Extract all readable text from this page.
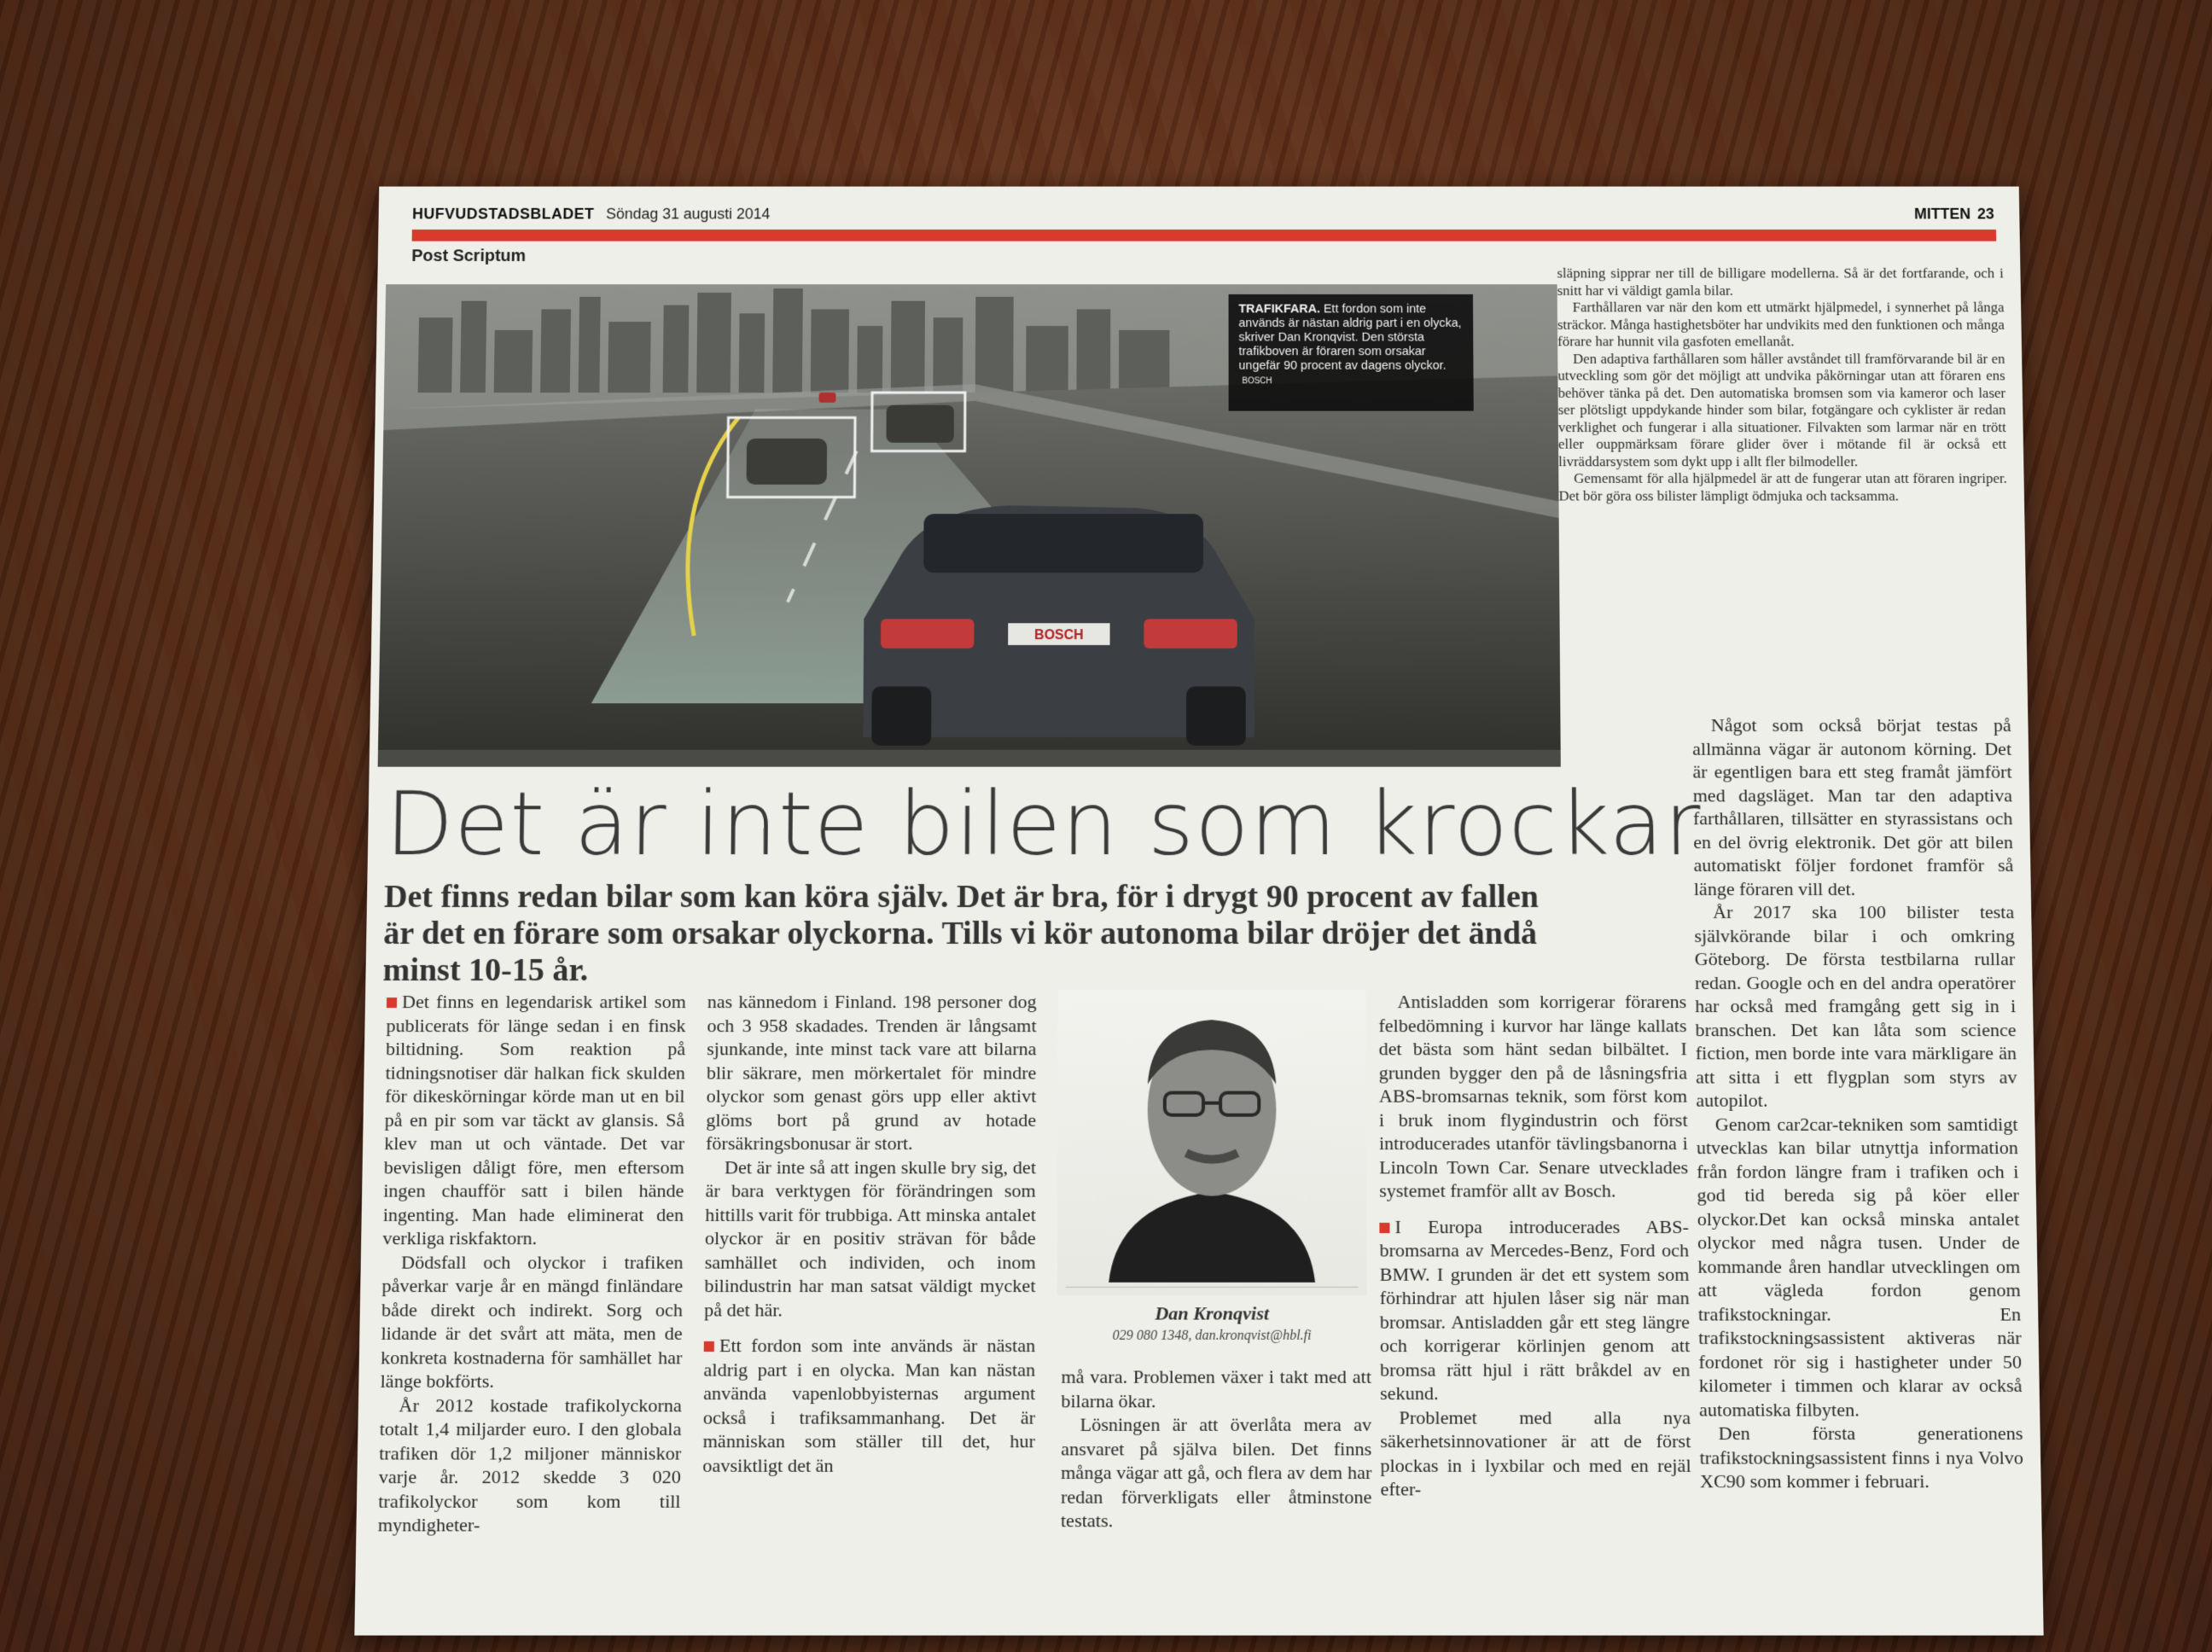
HUFVUDSTADSBLADET Söndag 31 augusti 2014	MITTEN 23
Post Scriptum
BOSCH
TRAFIKFARA. Ett fordon som inte används är nästan aldrig part i en olycka, skriver Dan Kronqvist. Den största trafikboven är föraren som orsakar ungefär 90 procent av dagens olyckor. BOSCH

släpning sipprar ner till de billigare modellerna. Så är det fortfarande, och i snitt har vi väldigt gamla bilar.

Farthållaren var när den kom ett utmärkt hjälpmedel, i synnerhet på långa sträckor. Många hastighetsböter har undvikits med den funktionen och många förare har hunnit vila gasfoten emellanåt.

Den adaptiva farthållaren som håller avståndet till framförvarande bil är en utveckling som gör det möjligt att undvika påkörningar utan att föraren ens behöver tänka på det. Den automatiska bromsen som via kameror och laser ser plötsligt uppdykande hinder som bilar, fotgängare och cyklister är redan verklighet och fungerar i alla situationer. Filvakten som larmar när en trött eller ouppmärksam förare glider över i mötande fil är också ett livräddarsystem som dykt upp i allt fler bilmodeller.

Gemensamt för alla hjälpmedel är att de fungerar utan att föraren ingriper. Det bör göra oss bilister lämpligt ödmjuka och tacksamma.

Det är inte bilen som krockar
Det finns redan bilar som kan köra själv. Det är bra, för i drygt 90 procent av fallen är det en förare som orsakar olyckorna. Tills vi kör autonoma bilar dröjer det ändå minst 10-15 år.

Det finns en legendarisk artikel som publicerats för länge sedan i en finsk biltidning. Som reaktion på tidningsnotiser där halkan fick skulden för dikeskörningar körde man ut en bil på en pir som var täckt av glansis. Så klev man ut och väntade. Det var bevisligen dåligt före, men eftersom ingen chaufför satt i bilen hände ingenting. Man hade eliminerat den verkliga riskfaktorn.

Dödsfall och olyckor i trafiken påverkar varje år en mängd finländare både direkt och indirekt. Sorg och lidande är det svårt att mäta, men de konkreta kostnaderna för samhället har länge bokförts.

År 2012 kostade trafikolyckorna totalt 1,4 miljarder euro. I den globala trafiken dör 1,2 miljoner människor varje år. 2012 skedde 3 020 trafikolyckor som kom till myndigheter-

nas kännedom i Finland. 198 personer dog och 3 958 skadades. Trenden är långsamt sjunkande, inte minst tack vare att bilarna blir säkrare, men mörkertalet för mindre olyckor som genast görs upp eller aktivt glöms bort på grund av hotade försäkringsbonusar är stort.

Det är inte så att ingen skulle bry sig, det är bara verktygen för förändringen som hittills varit för trubbiga. Att minska antalet olyckor är en positiv strävan för både samhället och individen, och inom bilindustrin har man satsat väldigt mycket på det här.

Ett fordon som inte används är nästan aldrig part i en olycka. Man kan nästan använda vapenlobbyisternas argument också i trafiksammanhang. Det är människan som ställer till det, hur oavsiktligt det än

Dan Kronqvist
029 080 1348, dan.kronqvist@hbl.fi

må vara. Problemen växer i takt med att bilarna ökar.

Lösningen är att överlåta mera av ansvaret på själva bilen. Det finns många vägar att gå, och flera av dem har redan förverkligats eller åtminstone testats.

Antisladden som korrigerar förarens felbedömning i kurvor har länge kallats det bästa som hänt sedan bilbältet. I grunden bygger den på de låsningsfria ABS-bromsarnas teknik, som först kom i bruk inom flygindustrin och först introducerades utanför tävlingsbanorna i Lincoln Town Car. Senare utvecklades systemet framför allt av Bosch.

I Europa introducerades ABS-bromsarna av Mercedes-Benz, Ford och BMW. I grunden är det ett system som förhindrar att hjulen låser sig när man bromsar. Antisladden går ett steg längre och korrigerar körlinjen genom att bromsa rätt hjul i rätt bråkdel av en sekund.

Problemet med alla nya säkerhetsinnovationer är att de först plockas in i lyxbilar och med en rejäl efter-

Något som också börjat testas på allmänna vägar är autonom körning. Det är egentligen bara ett steg framåt jämfört med dagsläget. Man tar den adaptiva farthållaren, tillsätter en styrassistans och en del övrig elektronik. Det gör att bilen automatiskt följer fordonet framför så länge föraren vill det.

År 2017 ska 100 bilister testa självkörande bilar i och omkring Göteborg. De första testbilarna rullar redan. Google och en del andra operatörer har också med framgång gett sig in i branschen. Det kan låta som science fiction, men borde inte vara märkligare än att sitta i ett flygplan som styrs av autopilot.

Genom car2car-tekniken som samtidigt utvecklas kan bilar utnyttja information från fordon längre fram i trafiken och i god tid bereda sig på köer eller olyckor.Det kan också minska antalet olyckor med några tusen. Under de kommande åren handlar utvecklingen om att vägleda fordon genom trafikstockningar. En trafikstockningsassistent aktiveras när fordonet rör sig i hastigheter under 50 kilometer i timmen och klarar av också automatiska filbyten.

Den första generationens trafikstockningsassistent finns i nya Volvo XC90 som kommer i februari.
